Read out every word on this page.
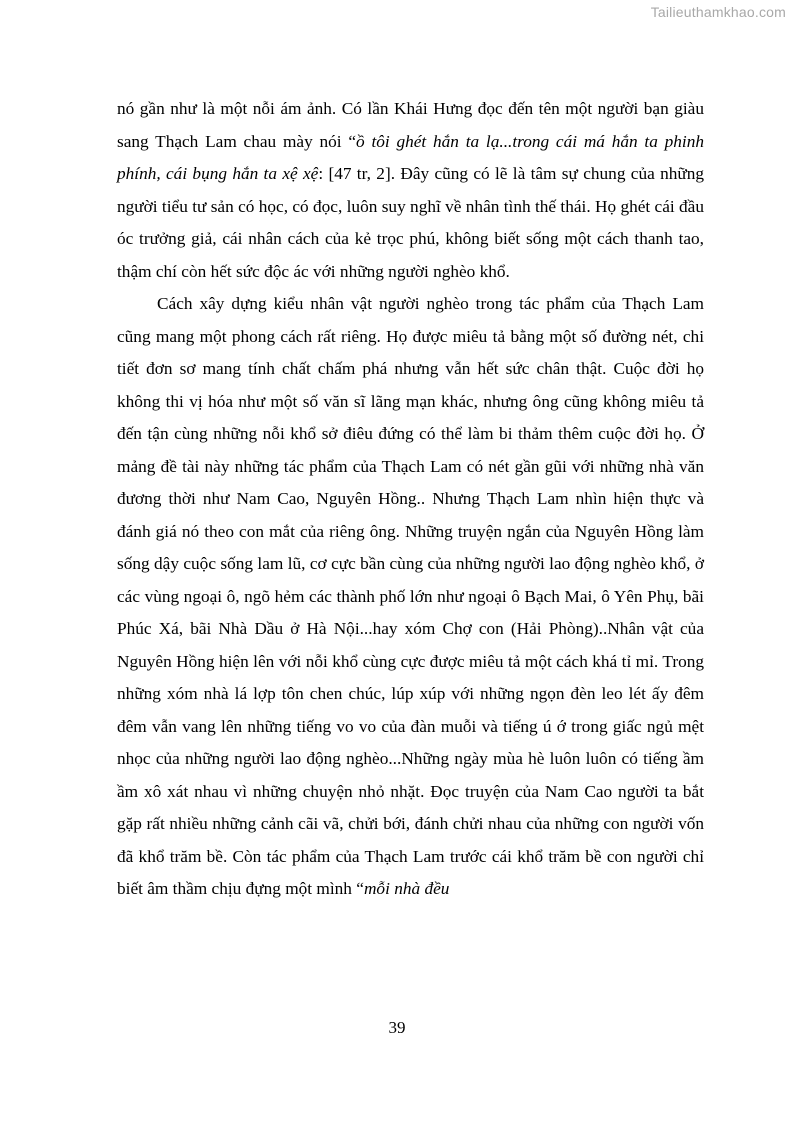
Tailieuthamkhao.com

nó gần như là một nỗi ám ảnh. Có lần Khái Hưng đọc đến tên một người bạn giàu sang Thạch Lam chau mày nói “ồ tôi ghét hắn ta lạ...trong cái má hắn ta phinh phính, cái bụng hắn ta xệ xệ: [47 tr, 2]. Đây cũng có lẽ là tâm sự chung của những người tiểu tư sản có học, có đọc, luôn suy nghĩ về nhân tình thế thái. Họ ghét cái đầu óc trưởng giả, cái nhân cách của kẻ trọc phú, không biết sống một cách thanh tao, thậm chí còn hết sức độc ác với những người nghèo khổ.

Cách xây dựng kiểu nhân vật người nghèo trong tác phẩm của Thạch Lam cũng mang một phong cách rất riêng. Họ được miêu tả bằng một số đường nét, chi tiết đơn sơ mang tính chất chấm phá nhưng vẫn hết sức chân thật. Cuộc đời họ không thi vị hóa như một số văn sĩ lãng mạn khác, nhưng ông cũng không miêu tả đến tận cùng những nỗi khổ sở điêu đứng có thể làm bi thảm thêm cuộc đời họ. Ở mảng đề tài này những tác phẩm của Thạch Lam có nét gần gũi với những nhà văn đương thời như Nam Cao, Nguyên Hồng.. Nhưng Thạch Lam nhìn hiện thực và đánh giá nó theo con mắt của riêng ông. Những truyện ngắn của Nguyên Hồng làm sống dậy cuộc sống lam lũ, cơ cực bần cùng của những người lao động nghèo khổ, ở các vùng ngoại ô, ngõ hẻm các thành phố lớn như ngoại ô Bạch Mai, ô Yên Phụ, bãi Phúc Xá, bãi Nhà Dầu ở Hà Nội...hay xóm Chợ con (Hải Phòng)..Nhân vật của Nguyên Hồng hiện lên với nỗi khổ cùng cực được miêu tả một cách khá tỉ mỉ. Trong những xóm nhà lá lợp tôn chen chúc, lúp xúp với những ngọn đèn leo lét ấy đêm đêm vẫn vang lên những tiếng vo vo của đàn muỗi và tiếng ú ớ trong giấc ngủ mệt nhọc của những người lao động nghèo...Những ngày mùa hè luôn luôn có tiếng ầm ầm xô xát nhau vì những chuyện nhỏ nhặt. Đọc truyện của Nam Cao người ta bắt gặp rất nhiều những cảnh cãi vã, chửi bới, đánh chửi nhau của những con người vốn đã khổ trăm bề. Còn tác phẩm của Thạch Lam trước cái khổ trăm bề con người chỉ biết âm thầm chịu đựng một mình “mỗi nhà đều

39
